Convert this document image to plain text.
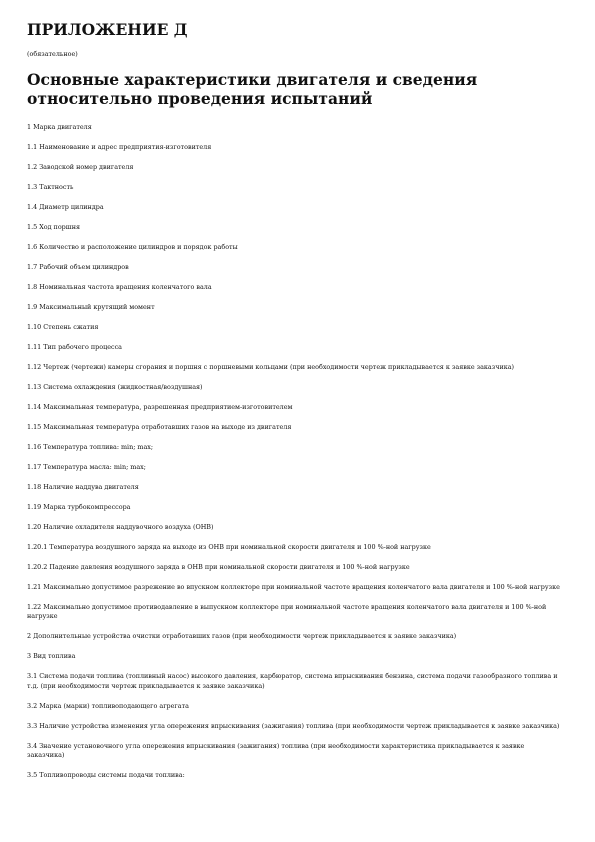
ПРИЛОЖЕНИЕ Д

(обязательное)

Основные характеристики двигателя и сведения относительно проведения испытаний

1 Марка двигателя

1.1 Наименование и адрес предприятия-изготовителя

1.2 Заводской номер двигателя

1.3 Тактность

1.4 Диаметр цилиндра

1.5 Ход поршня

1.6 Количество и расположение цилиндров и порядок работы

1.7 Рабочий объем цилиндров

1.8 Номинальная частота вращения коленчатого вала

1.9 Максимальный крутящий момент

1.10 Степень сжатия

1.11 Тип рабочего процесса

1.12 Чертеж (чертежи) камеры сгорания и поршня с поршневыми кольцами (при необходимости чертеж прикладывается к заявке заказчика)

1.13 Система охлаждения (жидкостная/воздушная)

1.14 Максимальная температура, разрешенная предприятием-изготовителем

1.15 Максимальная температура отработавших газов на выходе из двигателя

1.16 Температура топлива: min; max;

1.17 Температура масла: min; max;

1.18 Наличие наддува двигателя

1.19 Марка турбокомпрессора

1.20 Наличие охладителя наддувочного воздуха (ОНВ)

1.20.1 Температура воздушного заряда на выходе из ОНВ при номинальной скорости двигателя и 100 %-ной нагрузке

1.20.2 Падение давления воздушного заряда в ОНВ при номинальной скорости двигателя и 100 %-ной нагрузке

1.21 Максимально допустимое разрежение во впускном коллекторе при номинальной частоте вращения коленчатого вала двигателя и 100 %-ной нагрузке

1.22 Максимально допустимое противодавление в выпускном коллекторе при номинальной частоте вращения коленчатого вала двигателя и 100 %-ной нагрузке

2 Дополнительные устройства очистки отработавших газов (при необходимости чертеж прикладывается к заявке заказчика)

3 Вид топлива

3.1 Система подачи топлива (топливный насос) высокого давления, карбюратор, система впрыскивания бензина, система подачи газообразного топлива и т.д. (при необходимости чертеж прикладывается к заявке заказчика)

3.2 Марка (марки) топливоподающего агрегата

3.3 Наличие устройства изменения угла опережения впрыскивания (зажигания) топлива (при необходимости чертеж прикладывается к заявке заказчика)

3.4 Значение установочного угла опережения впрыскивания (зажигания) топлива (при необходимости характеристика прикладывается к заявке заказчика)

3.5 Топливопроводы системы подачи топлива:
